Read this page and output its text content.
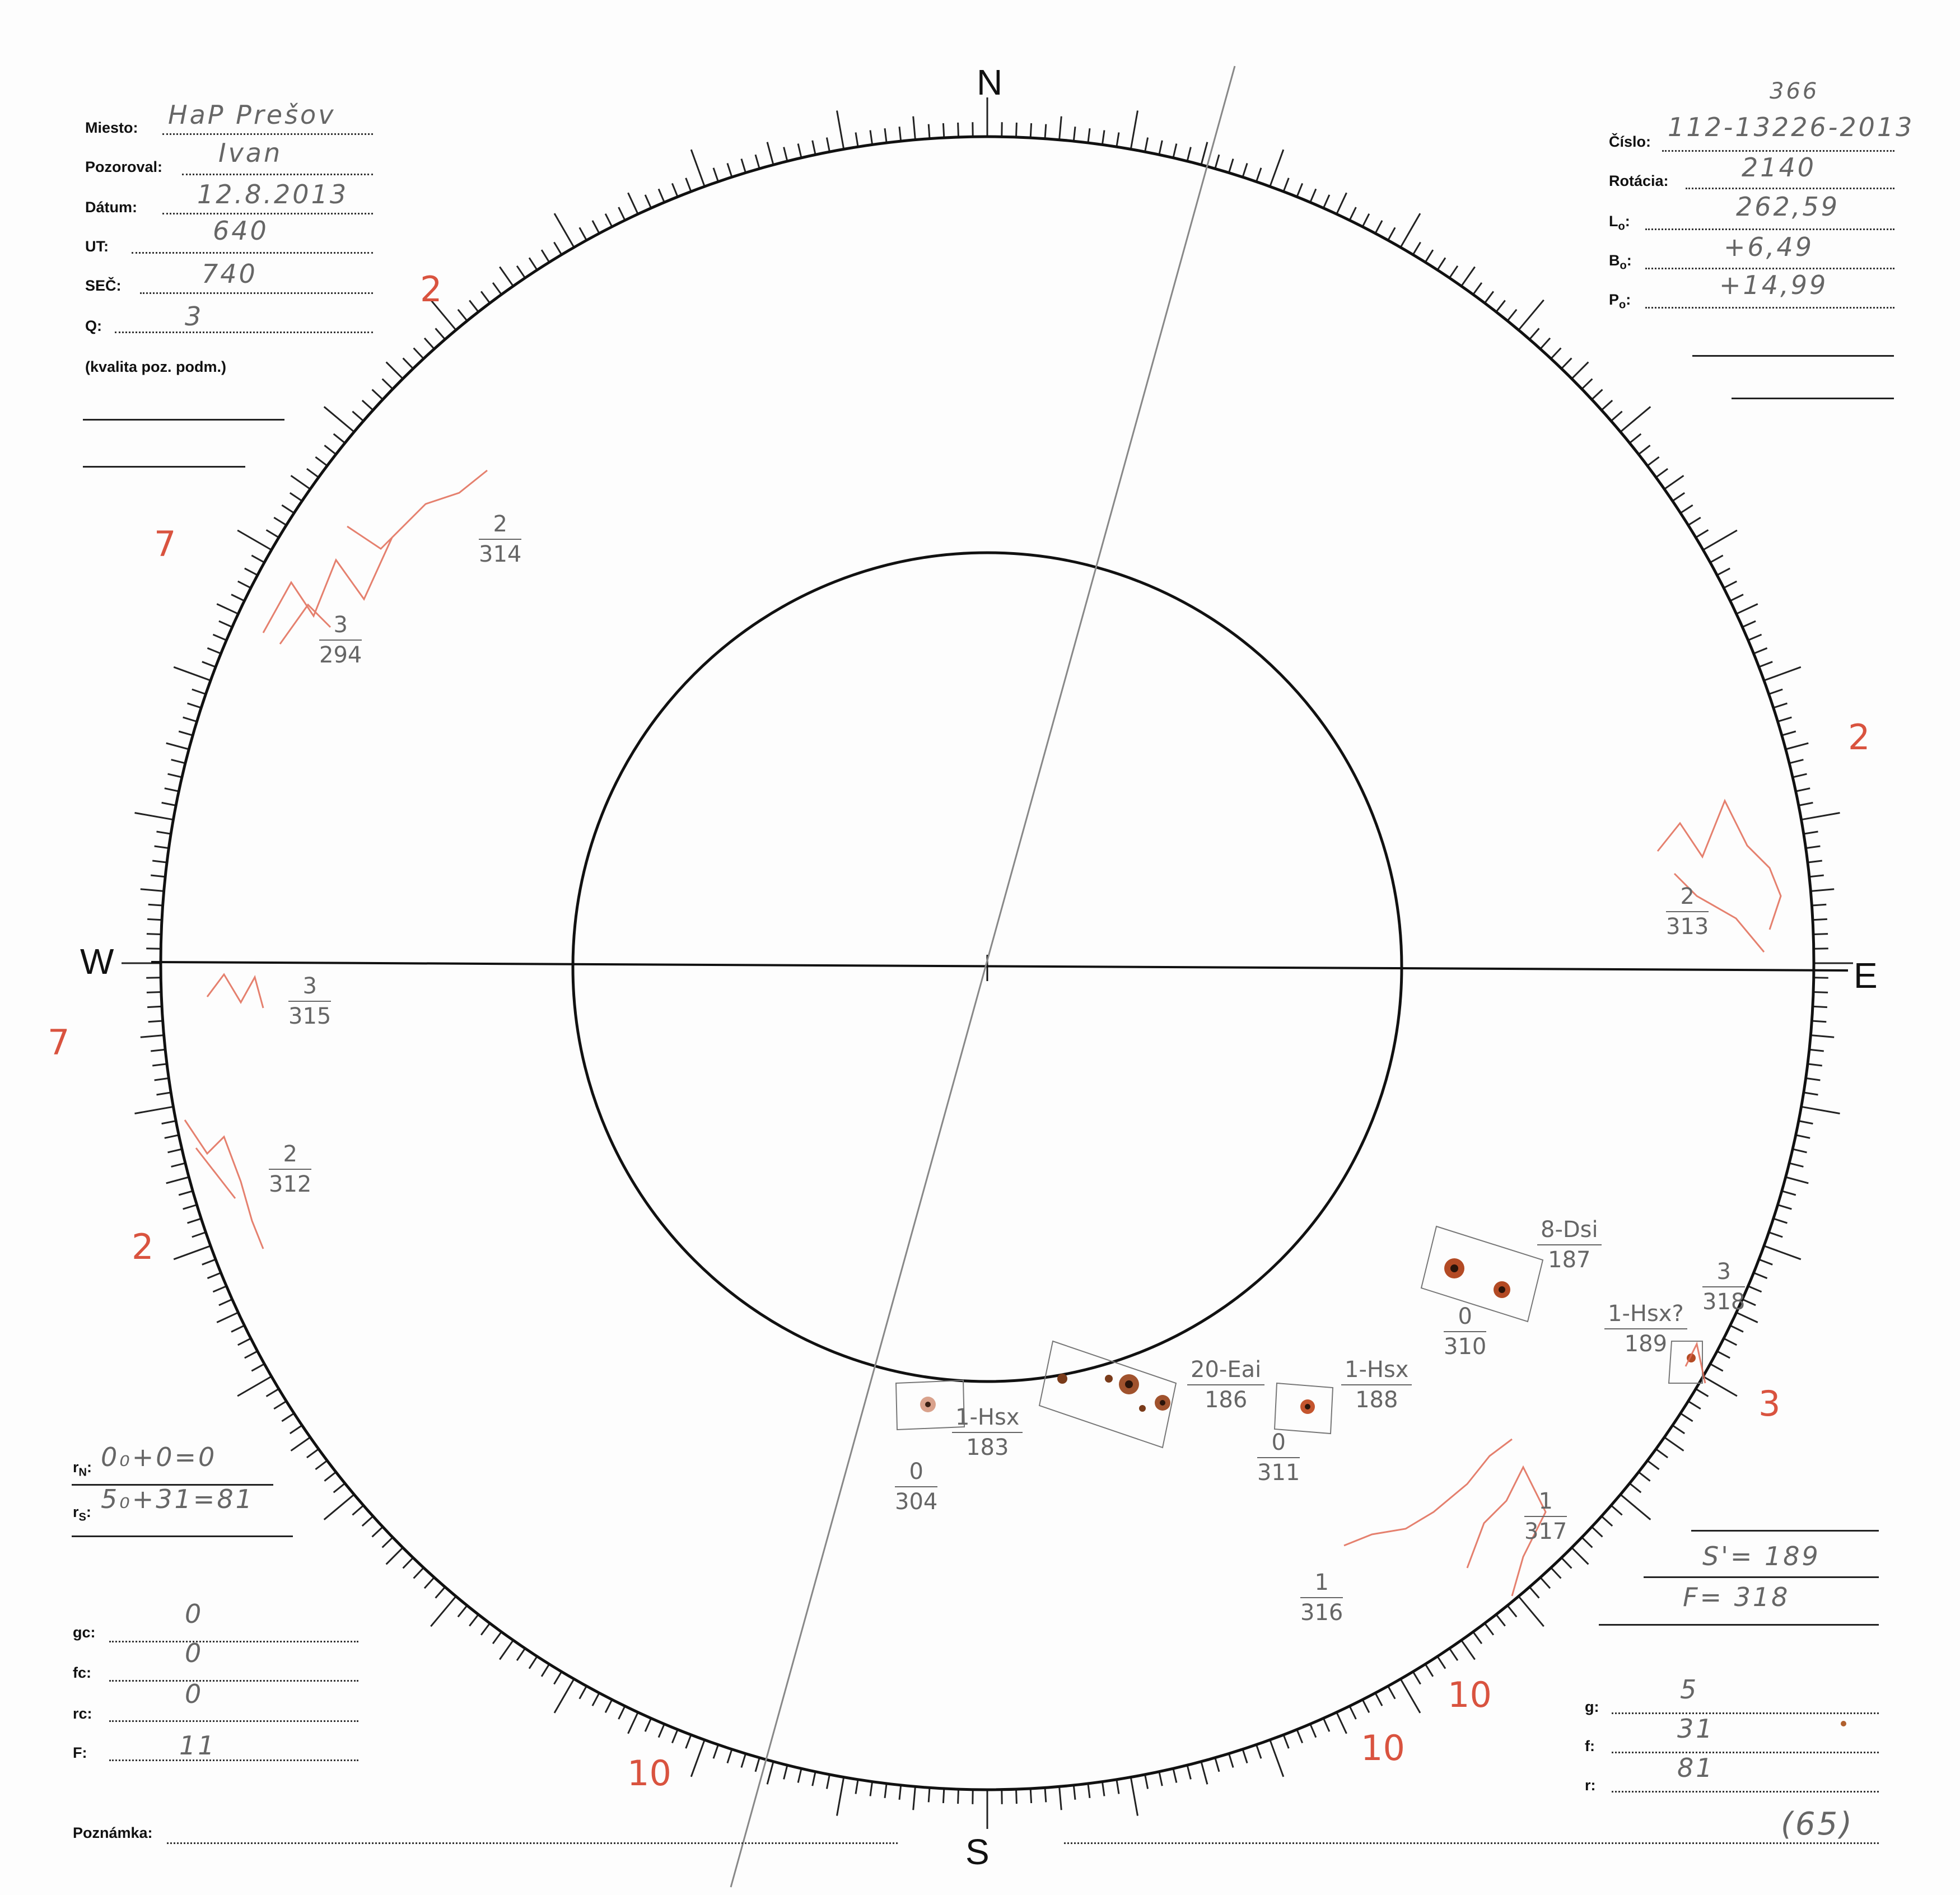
N
S
W	E
Miesto: HaP Prešov
Pozoroval: Ivan
Dátum: 12.8.2013
UT:
640
SEČ:	740
Q:	3
(kvalita poz. podm.)
366
Číslo: 112-13226-2013
Rotácia:	2140
$L_o$:	262,59
$B_o$:	+6,49
$P_o$:	+14,99
$\frac{2}{314}$
$\frac{3}{294}$
$\frac{3}{315}$
$\frac{2}{312}$
$\frac{2}{313}$
$\frac{0}{304}$
$\frac{0}{310}$
$\frac{0}{311}$
$\frac{1}{316}$
$\frac{1}{317}$
$\frac{3}{318}$
1-Hsx
183
20-Eai
186
1-Hsx
188
8-Dsi
187
1-Hsx?
189
7
7
2
2
3
10
10
10
2
$r_N$: 0₀+0=0
$r_S$: 5₀+31=81
gc:
0
fc:
0
rc:
0
F:	11
Poznámka:
S'= 189
F= 318
g:
5
f:
31
r:
81
(65)
